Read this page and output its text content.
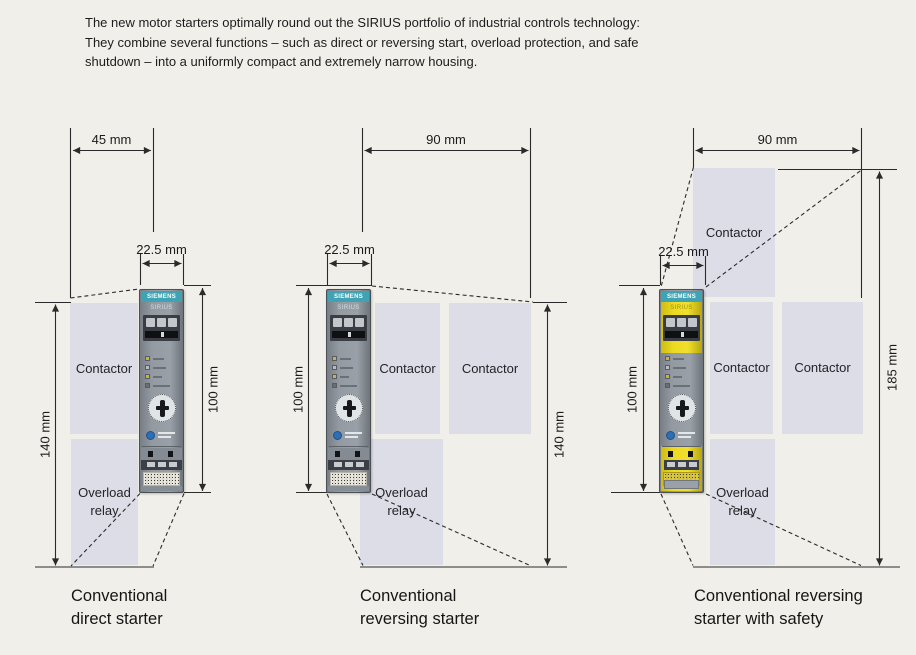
The new motor starters optimally round out the SIRIUS portfolio of industrial controls technology:
They combine several functions – such as direct or reversing start, overload protection, and safe
shutdown – into a uniformly compact and extremely narrow housing.
Contactor
Overload
relay
Contactor Contactor
Overload
relay
Contactor
Contactor Contactor
Overload
relay
45 mm
22.5 mm
100 mm
140 mm
90 mm
22.5 mm
100 mm
140 mm
90 mm
22.5 mm
100 mm	185 mm
SIEMENS
SIRIUS
SIEMENS
SIRIUS
SIEMENS
SIRIUS
Conventional
direct starter
Conventional
reversing starter
Conventional reversing
starter with safety
